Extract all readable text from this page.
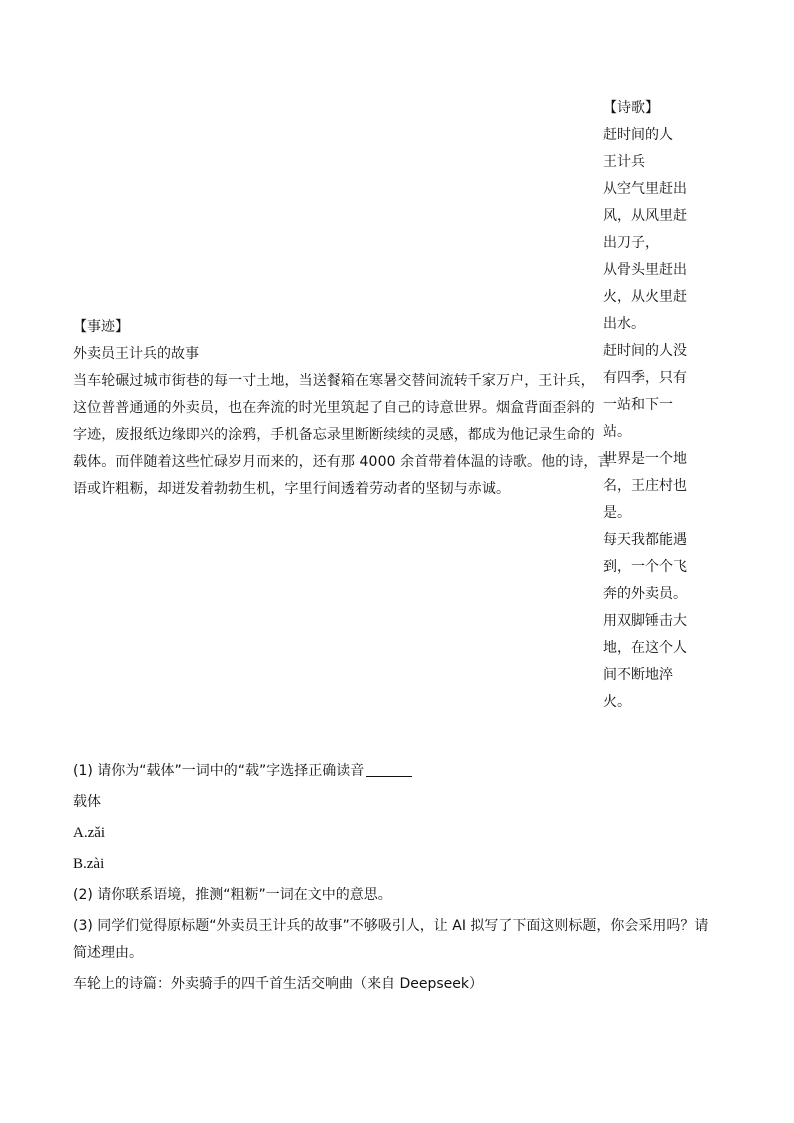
【诗歌】
赶时间的人
王计兵
从空气里赶出
风，从风里赶
出刀子，
从骨头里赶出
火，从火里赶
出水。
赶时间的人没
有四季，只有
一站和下一
站。
世界是一个地
名，王庄村也
是。
每天我都能遇
到，一个个飞
奔的外卖员。
用双脚锤击大
地，在这个人
间不断地淬
火。
【事迹】
外卖员王计兵的故事
当车轮碾过城市街巷的每一寸土地，当送餐箱在寒暑交替间流转千家万户，王计兵，
这位普普通通的外卖员，也在奔流的时光里筑起了自己的诗意世界。烟盒背面歪斜的
字迹，废报纸边缘即兴的涂鸦，手机备忘录里断断续续的灵感，都成为他记录生命的
载体。而伴随着这些忙碌岁月而来的，还有那 4000 余首带着体温的诗歌。他的诗，言
语或许粗粝，却迸发着勃勃生机，字里行间透着劳动者的坚韧与赤诚。
(1) 请你为“载体”一词中的“载”字选择正确读音
载体
A.zǎi
B.zài
(2) 请你联系语境，推测“粗粝”一词在文中的意思。
(3) 同学们觉得原标题“外卖员王计兵的故事”不够吸引人，让 AI 拟写了下面这则标题，你会采用吗？请
简述理由。
车轮上的诗篇：外卖骑手的四千首生活交响曲（来自 Deepseek）
